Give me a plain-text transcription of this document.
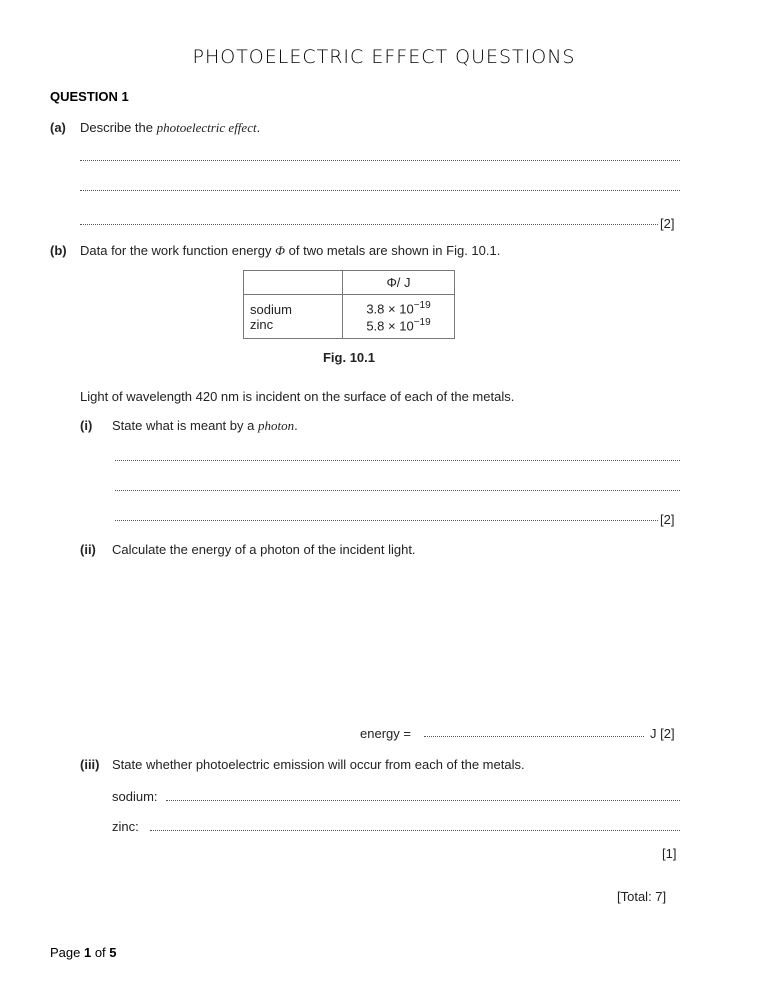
PHOTOELECTRIC EFFECT QUESTIONS
QUESTION 1
(a) Describe the photoelectric effect.
[2]
(b) Data for the work function energy Φ of two metals are shown in Fig. 10.1.
	Φ/ J
sodium	$3.8 \times 10^{-19}$
zinc	$5.8 \times 10^{-19}$
Fig. 10.1
Light of wavelength 420 nm is incident on the surface of each of the metals.
(i) State what is meant by a photon.
[2]
(ii) Calculate the energy of a photon of the incident light.
energy =	J [2]
(iii) State whether photoelectric emission will occur from each of the metals.
sodium:
zinc:
[1]
[Total: 7]
Page 1 of 5
